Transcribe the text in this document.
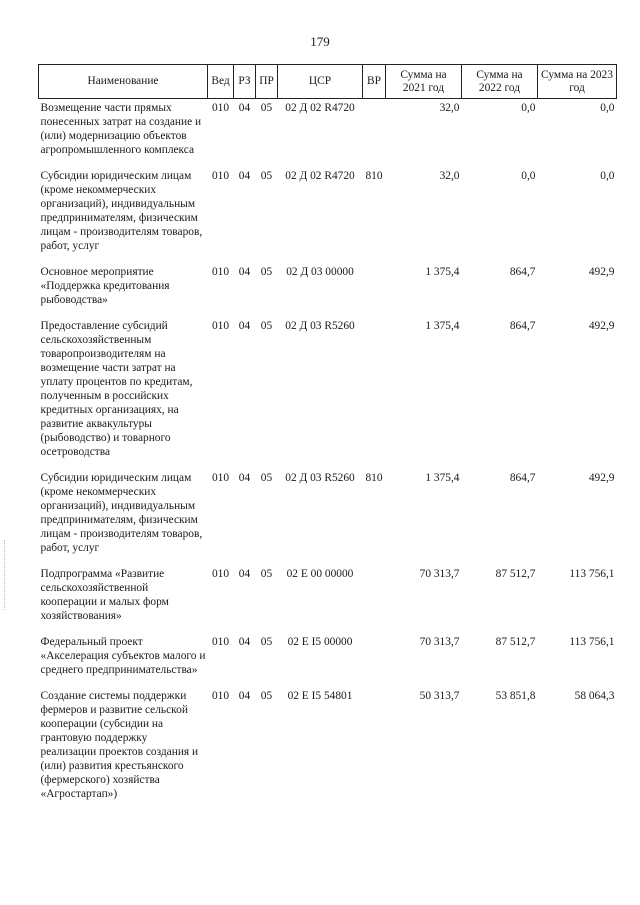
179
Наименование	Вед	РЗ	ПР	ЦСР	ВР	Сумма на 2021 год	Сумма на 2022 год	Сумма на 2023 год
Возмещение части прямых понесенных затрат на создание и (или) модернизацию объектов агропромышленного комплекса	010	04	05	02 Д 02 R4720		32,0	0,0	0,0
Субсидии юридическим лицам (кроме некоммерческих организаций), индивидуальным предпринимателям, физическим лицам - производителям товаров, работ, услуг	010	04	05	02 Д 02 R4720	810	32,0	0,0	0,0
Основное мероприятие «Поддержка кредитования рыбоводства»	010	04	05	02 Д 03 00000		1 375,4	864,7	492,9
Предоставление субсидий сельскохозяйственным товаропроизводителям на возмещение части затрат на уплату процентов по кредитам, полученным в российских кредитных организациях, на развитие аквакультуры (рыбоводство) и товарного осетроводства	010	04	05	02 Д 03 R5260		1 375,4	864,7	492,9
Субсидии юридическим лицам (кроме некоммерческих организаций), индивидуальным предпринимателям, физическим лицам - производителям товаров, работ, услуг	010	04	05	02 Д 03 R5260	810	1 375,4	864,7	492,9
Подпрограмма «Развитие сельскохозяйственной кооперации и малых форм хозяйствования»	010	04	05	02 Е 00 00000		70 313,7	87 512,7	113 756,1
Федеральный проект «Акселерация субъектов малого и среднего предпринимательства»	010	04	05	02 Е I5 00000		70 313,7	87 512,7	113 756,1
Создание системы поддержки фермеров и развитие сельской кооперации (субсидии на грантовую поддержку реализации проектов создания и (или) развития крестьянского (фермерского) хозяйства «Агростартап»)	010	04	05	02 Е I5 54801		50 313,7	53 851,8	58 064,3
